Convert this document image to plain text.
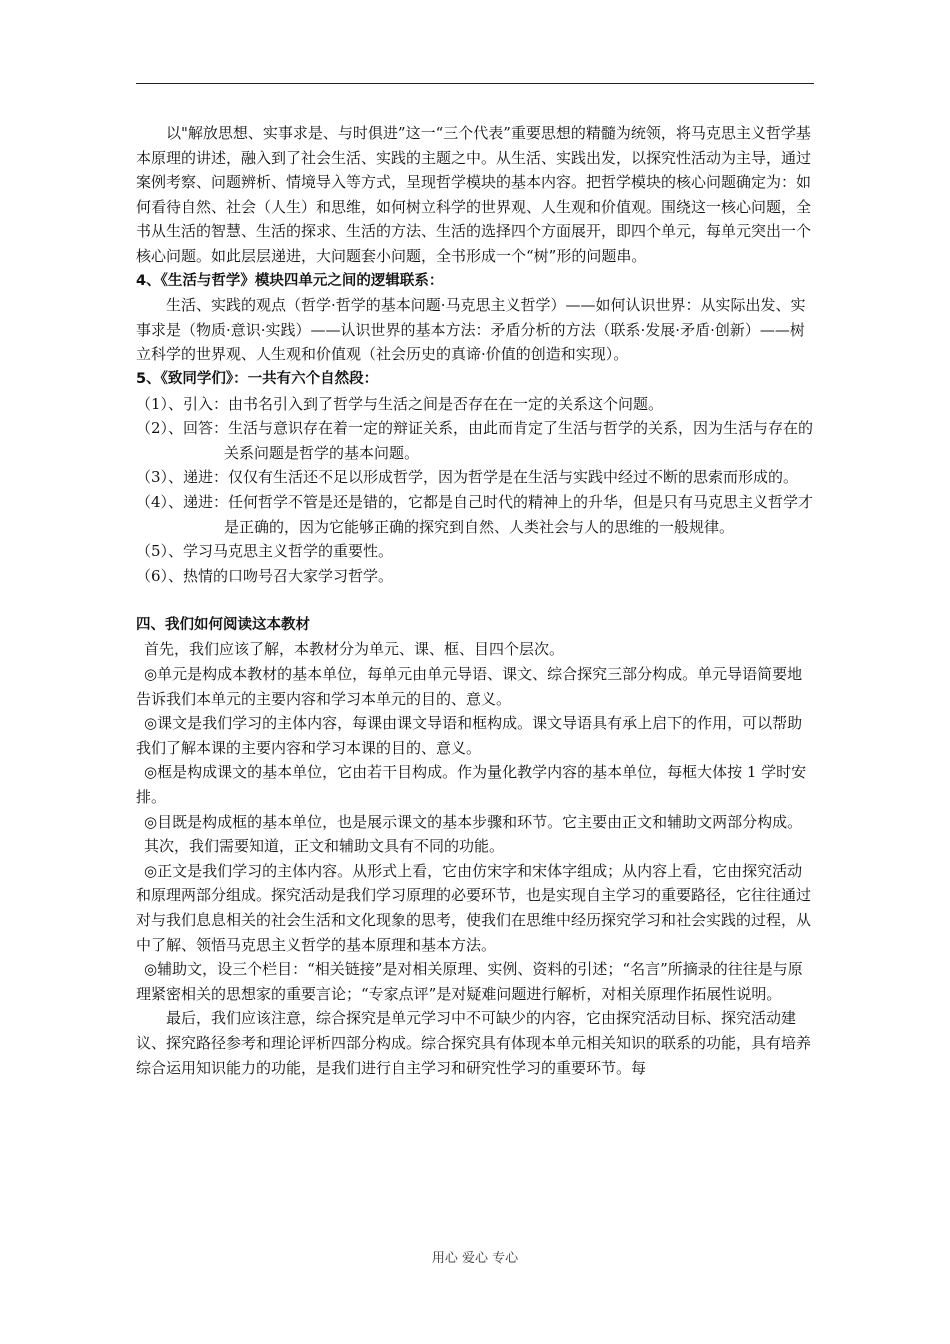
以"解放思想、实事求是、与时俱进”这一“三个代表”重要思想的精髓为统领，将马克思主义哲学基本原理的讲述，融入到了社会生活、实践的主题之中。从生活、实践出发，以探究性活动为主导，通过案例考察、问题辨析、情境导入等方式，呈现哲学模块的基本内容。把哲学模块的核心问题确定为：如何看待自然、社会（人生）和思维，如何树立科学的世界观、人生观和价值观。围绕这一核心问题，全书从生活的智慧、生活的探求、生活的方法、生活的选择四个方面展开，即四个单元，每单元突出一个核心问题。如此层层递进，大问题套小问题，全书形成一个“树”形的问题串。

4、《生活与哲学》模块四单元之间的逻辑联系：

生活、实践的观点（哲学·哲学的基本问题·马克思主义哲学）——如何认识世界：从实际出发、实事求是（物质·意识·实践）——认识世界的基本方法：矛盾分析的方法（联系·发展·矛盾·创新）——树立科学的世界观、人生观和价值观（社会历史的真谛·价值的创造和实现）。

5、《致同学们》：一共有六个自然段：

（1）、引入：由书名引入到了哲学与生活之间是否存在在一定的关系这个问题。

（2）、回答：生活与意识存在着一定的辩证关系，由此而肯定了生活与哲学的关系，因为生活与存在的关系问题是哲学的基本问题。

（3）、递进：仅仅有生活还不足以形成哲学，因为哲学是在生活与实践中经过不断的思索而形成的。

（4）、递进：任何哲学不管是还是错的，它都是自己时代的精神上的升华，但是只有马克思主义哲学才是正确的，因为它能够正确的探究到自然、人类社会与人的思维的一般规律。

（5）、学习马克思主义哲学的重要性。

（6）、热情的口吻号召大家学习哲学。

四、我们如何阅读这本教材

首先，我们应该了解，本教材分为单元、课、框、目四个层次。

◎单元是构成本教材的基本单位，每单元由单元导语、课文、综合探究三部分构成。单元导语简要地告诉我们本单元的主要内容和学习本单元的目的、意义。

◎课文是我们学习的主体内容，每课由课文导语和框构成。课文导语具有承上启下的作用，可以帮助我们了解本课的主要内容和学习本课的目的、意义。

◎框是构成课文的基本单位，它由若干目构成。作为量化教学内容的基本单位，每框大体按 1 学时安排。

◎目既是构成框的基本单位，也是展示课文的基本步骤和环节。它主要由正文和辅助文两部分构成。

其次，我们需要知道，正文和辅助文具有不同的功能。

◎正文是我们学习的主体内容。从形式上看，它由仿宋字和宋体字组成；从内容上看，它由探究活动和原理两部分组成。探究活动是我们学习原理的必要环节，也是实现自主学习的重要路径，它往往通过对与我们息息相关的社会生活和文化现象的思考，使我们在思维中经历探究学习和社会实践的过程，从中了解、领悟马克思主义哲学的基本原理和基本方法。

◎辅助文，设三个栏目：“相关链接”是对相关原理、实例、资料的引述；“名言”所摘录的往往是与原理紧密相关的思想家的重要言论；“专家点评”是对疑难问题进行解析，对相关原理作拓展性说明。

最后，我们应该注意，综合探究是单元学习中不可缺少的内容，它由探究活动目标、探究活动建议、探究路径参考和理论评析四部分构成。综合探究具有体现本单元相关知识的联系的功能，具有培养综合运用知识能力的功能，是我们进行自主学习和研究性学习的重要环节。每

用心 爱心 专心
